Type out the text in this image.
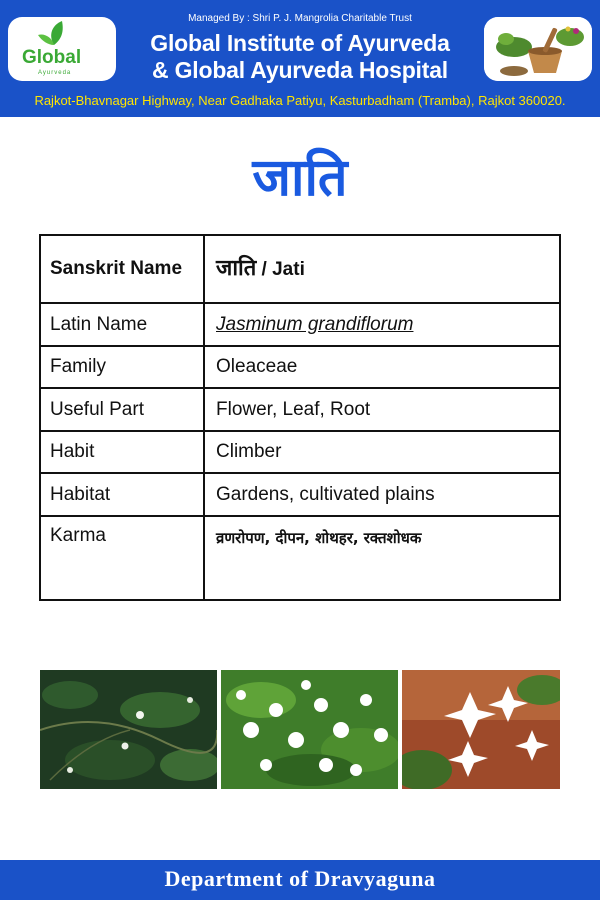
Global
Ayurveda
Managed By : Shri P. J. Mangrolia Charitable Trust
Global Institute of Ayurveda
& Global Ayurveda Hospital
Rajkot-Bhavnagar Highway, Near Gadhaka Patiyu, Kasturbadham (Tramba), Rajkot 360020.
जाति
Sanskrit Name	जाति / Jati
Latin Name	Jasminum grandiflorum
Family	Oleaceae
Useful Part	Flower, Leaf, Root
Habit	Climber
Habitat	Gardens, cultivated plains
Karma	व्रणरोपण, दीपन, शोथहर, रक्तशोधक
Department of Dravyaguna
